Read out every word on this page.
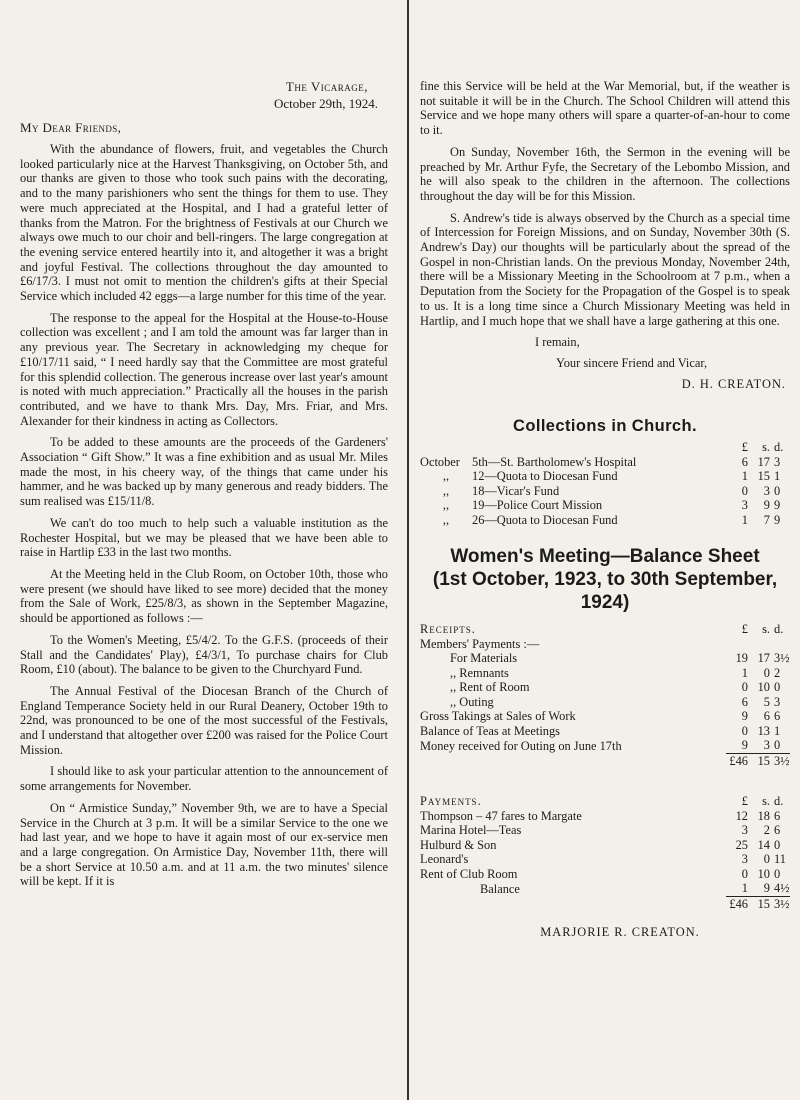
The Vicarage,
October 29th, 1924.
My Dear Friends,

With the abundance of flowers, fruit, and vegetables the Church looked particularly nice at the Harvest Thanksgiving, on October 5th, and our thanks are given to those who took such pains with the decorating, and to the many parishioners who sent the things for them to use. They were much appreciated at the Hospital, and I had a grateful letter of thanks from the Matron. For the brightness of Festivals at our Church we always owe much to our choir and bell-ringers. The large congregation at the evening service entered heartily into it, and altogether it was a bright and joyful Festival. The collections throughout the day amounted to £6/17/3. I must not omit to mention the children's gifts at their Special Service which included 42 eggs—a large number for this time of the year.

The response to the appeal for the Hospital at the House-to-House collection was excellent ; and I am told the amount was far larger than in any previous year. The Secretary in acknowledging my cheque for £10/17/11 said, “ I need hardly say that the Committee are most grateful for this splendid collection. The generous increase over last year's amount is noted with much appreciation.” Practically all the houses in the parish contributed, and we have to thank Mrs. Day, Mrs. Friar, and Mrs. Alexander for their kindness in acting as Collectors.

To be added to these amounts are the proceeds of the Gardeners' Association “ Gift Show.” It was a fine exhibition and as usual Mr. Miles made the most, in his cheery way, of the things that came under his hammer, and he was backed up by many generous and ready bidders. The sum realised was £15/11/8.

We can't do too much to help such a valuable institution as the Rochester Hospital, but we may be pleased that we have been able to raise in Hartlip £33 in the last two months.

At the Meeting held in the Club Room, on October 10th, those who were present (we should have liked to see more) decided that the money from the Sale of Work, £25/8/3, as shown in the September Magazine, should be apportioned as follows :—

To the Women's Meeting, £5/4/2. To the G.F.S. (proceeds of their Stall and the Candidates' Play), £4/3/1, To purchase chairs for Club Room, £10 (about). The balance to be given to the Churchyard Fund.

The Annual Festival of the Diocesan Branch of the Church of England Temperance Society held in our Rural Deanery, October 19th to 22nd, was pronounced to be one of the most successful of the Festivals, and I understand that altogether over £200 was raised for the Police Court Mission.

I should like to ask your particular attention to the announcement of some arrangements for November.

On “ Armistice Sunday,” November 9th, we are to have a Special Service in the Church at 3 p.m. It will be a similar Service to the one we had last year, and we hope to have it again most of our ex-service men and a large congregation. On Armistice Day, November 11th, there will be a short Service at 10.50 a.m. and at 11 a.m. the two minutes' silence will be kept. If it is

fine this Service will be held at the War Memorial, but, if the weather is not suitable it will be in the Church. The School Children will attend this Service and we hope many others will spare a quarter-of-an-hour to come to it.

On Sunday, November 16th, the Sermon in the evening will be preached by Mr. Arthur Fyfe, the Secretary of the Lebombo Mission, and he will also speak to the children in the afternoon. The collections throughout the day will be for this Mission.

S. Andrew's tide is always observed by the Church as a special time of Intercession for Foreign Missions, and on Sunday, November 30th (S. Andrew's Day) our thoughts will be particularly about the spread of the Gospel in non-Christian lands. On the previous Monday, November 24th, there will be a Missionary Meeting in the Schoolroom at 7 p.m., when a Deputation from the Society for the Propagation of the Gospel is to speak to us. It is a long time since a Church Missionary Meeting was held in Hartlip, and I much hope that we shall have a large gathering at this one.

I remain,
Your sincere Friend and Vicar,
D. H. CREATON.
Collections in Church.
		£	s.	d.
October	5th—St. Bartholomew's Hospital	6	17	3
,,	12—Quota to Diocesan Fund	1	15	1
,,	18—Vicar's Fund	0	3	0
,,	19—Police Court Mission	3	9	9
,,	26—Quota to Diocesan Fund	1	7	9
Women's Meeting—Balance Sheet
(1st October, 1923, to 30th September, 1924)
Receipts.	£	s.	d.
Members' Payments :—			
For Materials	19	17	3½
,, Remnants	1	0	2
,, Rent of Room	0	10	0
,, Outing	6	5	3
Gross Takings at Sales of Work	9	6	6
Balance of Teas at Meetings	0	13	1
Money received for Outing on June 17th	9	3	0
	£46	15	3½
Payments.	£	s.	d.
Thompson – 47 fares to Margate	12	18	6
Marina Hotel—Teas	3	2	6
Hulburd & Son	25	14	0
Leonard's	3	0	11
Rent of Club Room	0	10	0
Balance	1	9	4½
	£46	15	3½
MARJORIE R. CREATON.
